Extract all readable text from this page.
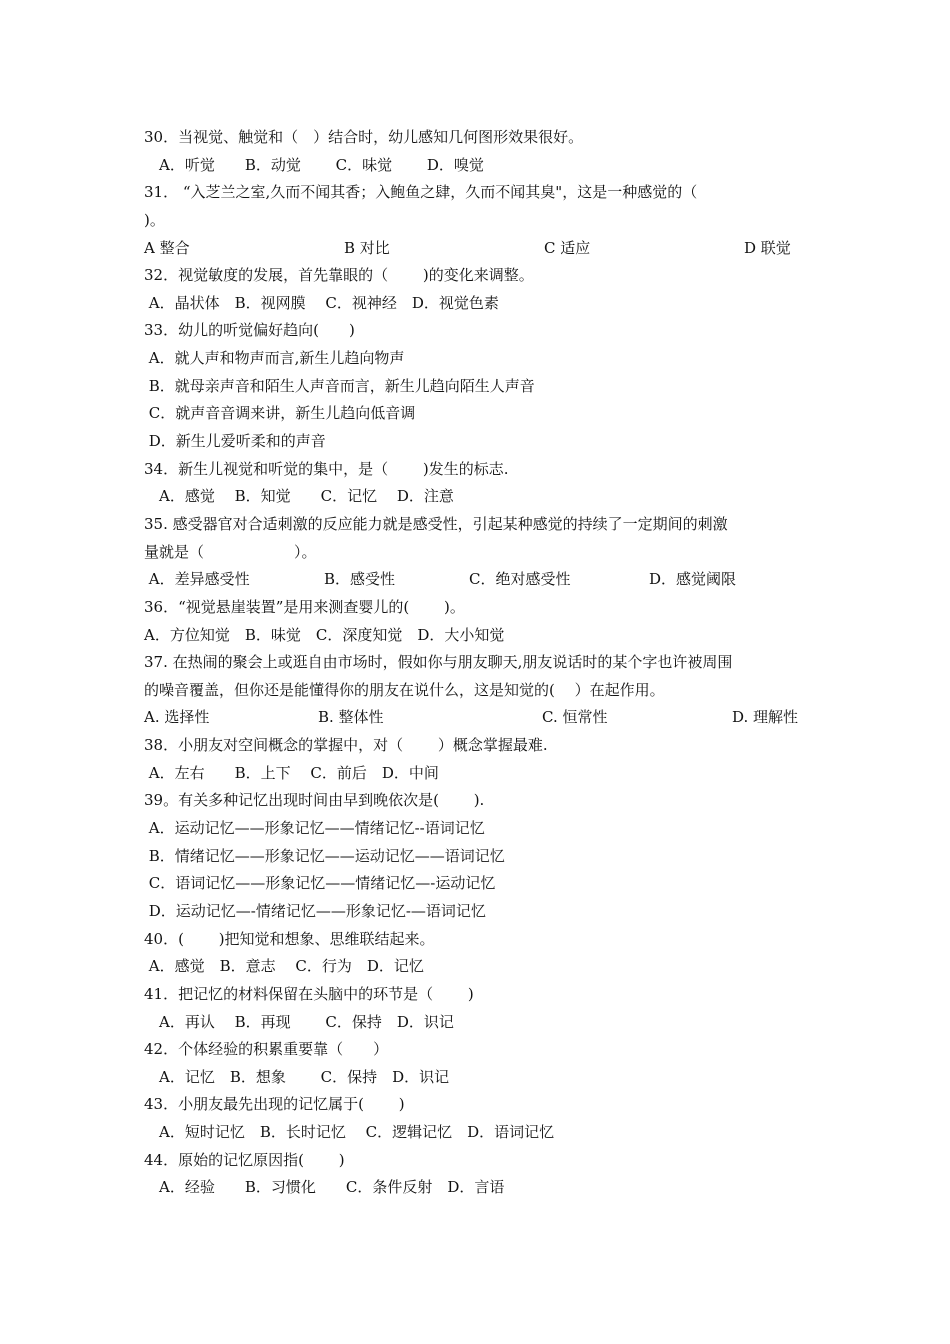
30．当视觉、触觉和（　）结合时，幼儿感知几何图形效果很好。
　A．听觉　　B．动觉　　 C．味觉　　 D．嗅觉
31． “入芝兰之室,久而不闻其香；入鲍鱼之肆，久而不闻其臭"，这是一种感觉的（
)。
A 整合	B 对比	C 适应	D 联觉
32．视觉敏度的发展，首先靠眼的（　　 )的变化来调整。
A．晶状体　B．视网膜　 C．视神经　D．视觉色素
33．幼儿的听觉偏好趋向(　　)
A．就人声和物声而言,新生儿趋向物声
B．就母亲声音和陌生人声音而言，新生儿趋向陌生人声音
C．就声音音调来讲，新生儿趋向低音调
D．新生儿爱听柔和的声音
34．新生儿视觉和听觉的集中，是（　　 )发生的标志.
　A．感觉　 B．知觉　　C．记忆　 D．注意
35. 感受器官对合适刺激的反应能力就是感受性，引起某种感觉的持续了一定期间的刺激
量就是（　　　　　　）。
A．差异感受性	B．感受性	C．绝对感受性	D．感觉阈限
36．“视觉悬崖装置”是用来测查婴儿的(　　 )。
A．方位知觉　B．味觉　C．深度知觉　D．大小知觉
37. 在热闹的聚会上或逛自由市场时，假如你与朋友聊天,朋友说话时的某个字也许被周围
的噪音覆盖，但你还是能懂得你的朋友在说什么，这是知觉的(　 ）在起作用。
A. 选择性	B. 整体性	C. 恒常性	D. 理解性
38．小朋友对空间概念的掌握中，对（　　 ）概念掌握最难.
A．左右　　B．上下　 C．前后　D．中间
39。有关多种记忆出现时间由早到晚依次是(　　 ).
A．运动记忆——形象记忆——情绪记忆--语词记忆
B．情绪记忆——形象记忆——运动记忆——语词记忆
C．语词记忆——形象记忆——情绪记忆—-运动记忆
D．运动记忆—-情绪记忆——形象记忆-—语词记忆
40．(　　 )把知觉和想象、思维联结起来。
A．感觉　B．意志　 C．行为　D．记忆
41．把记忆的材料保留在头脑中的环节是（　　 )
　A．再认　 B．再现　　 C．保持　D．识记
42．个体经验的积累重要靠（　　）
　A．记忆　B．想象　　 C．保持　D．识记
43．小朋友最先出现的记忆属于(　　 )
　A．短时记忆　B．长时记忆　 C．逻辑记忆　D．语词记忆
44．原始的记忆原因指(　　 )
　A．经验　　B．习惯化　　C．条件反射　D．言语
